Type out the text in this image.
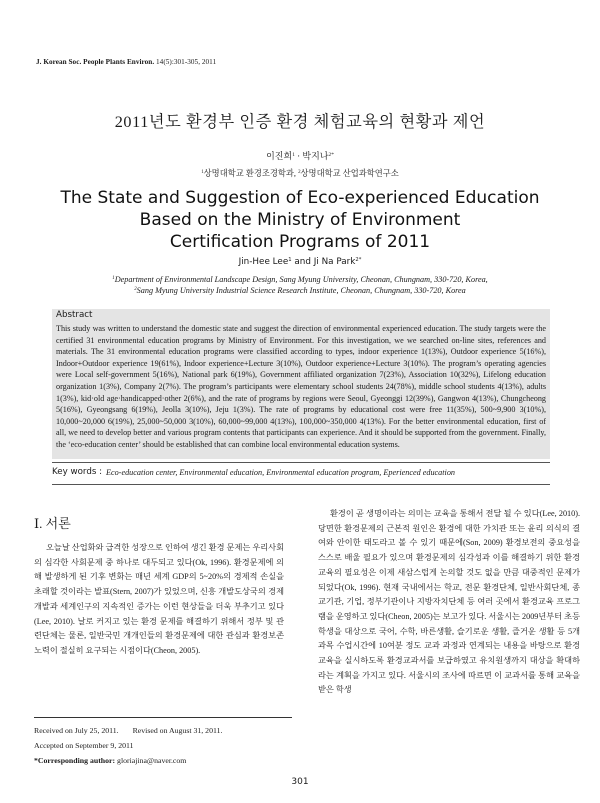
J. Korean Soc. People Plants Environ. 14(5):301-305, 2011
2011년도 환경부 인증 환경 체험교육의 현황과 제언
이진희$^1$ · 박지나$^{2*}$
$^1$상명대학교 환경조경학과, $^2$상명대학교 산업과학연구소
The State and Suggestion of Eco-experienced Education
Based on the Ministry of Environment
Certification Programs of 2011
Jin-Hee Lee$^1$ and Ji Na Park$^{2*}$
$^1$Department of Environmental Landscape Design, Sang Myung University, Cheonan, Chungnam, 330-720, Korea,
$^2$Sang Myung University Industrial Science Research Institute, Cheonan, Chungnam, 330-720, Korea
Abstract
This study was written to understand the domestic state and suggest the direction of environmental experienced education. The study targets were the certified 31 environmental education programs by Ministry of Environment. For this investigation, we we searched on-line sites, references and materials. The 31 environmental education programs were classified according to types, indoor experience 1(13%), Outdoor experience 5(16%), Indoor+Outdoor experience 19(61%), Indoor experience+Lecture 3(10%), Outdoor experience+Lecture 3(10%). The program’s operating agencies were Local self-government 5(16%), National park 6(19%), Government affiliated organization 7(23%), Association 10(32%), Lifelong education organization 1(3%), Company 2(7%). The program’s participants were elementary school students 24(78%), middle school students 4(13%), adults 1(3%), kid·old age·handicapped·other 2(6%), and the rate of programs by regions were Seoul, Gyeonggi 12(39%), Gangwon 4(13%), Chungcheong 5(16%), Gyeongsang 6(19%), Jeolla 3(10%), Jeju 1(3%). The rate of programs by educational cost were free 11(35%), 500~9,900 3(10%), 10,000~20,000 6(19%), 25,000~50,000 3(10%), 60,000~99,000 4(13%), 100,000~350,000 4(13%). For the better environmental education, first of all, we need to develop better and various program contents that participants can experience. And it should be supported from the government. Finally, the ‘eco-education center’ should be established that can combine local environmental education systems.
Key words : Eco-education center, Environmental education, Environmental education program, Eperienced education
Ⅰ. 서론

오늘날 산업화와 급격한 성장으로 인하여 생긴 환경 문제는 우리사회의 심각한 사회문제 중 하나로 대두되고 있다(Ok, 1996). 환경문제에 의해 발생하게 된 기후 변화는 매년 세계 GDP의 5~20%의 경제적 손실을 초래할 것이라는 발표(Stern, 2007)가 있었으며, 신흥 개발도상국의 경제개발과 세계인구의 지속적인 증가는 이런 현상들을 더욱 부추기고 있다(Lee, 2010). 날로 커지고 있는 환경 문제를 해결하기 위해서 정부 및 관련단체는 물론, 일반국민 개개인들의 환경문제에 대한 관심과 환경보존 노력이 절실히 요구되는 시점이다(Cheon, 2005).

환경이 곧 생명이라는 의미는 교육을 통해서 전달 될 수 있다(Lee, 2010). 당면한 환경문제의 근본적 원인은 환경에 대한 가치관 또는 윤리 의식의 결여와 안이한 태도라고 볼 수 있기 때문에(Son, 2009) 환경보전의 중요성을 스스로 배울 필요가 있으며 환경문제의 심각성과 이를 해결하기 위한 환경교육의 필요성은 이제 새삼스럽게 논의할 것도 없을 만큼 대중적인 문제가 되었다(Ok, 1996). 현재 국내에서는 학교, 전문 환경단체, 일반사회단체, 종교기관, 기업, 정부기관이나 지방자치단체 등 여러 곳에서 환경교육 프로그램을 운영하고 있다(Cheon, 2005)는 보고가 있다. 서울시는 2009년부터 초등학생을 대상으로 국어, 수학, 바른생활, 슬기로운 생활, 즐거운 생활 등 5개 과목 수업시간에 10여분 정도 교과 과정과 연계되는 내용을 바탕으로 환경교육을 실시하도록 환경교과서를 보급하였고 유치원생까지 대상을 확대하라는 계획을 가지고 있다. 서울시의 조사에 따르면 이 교과서를 통해 교육을 받은 학생

Received on July 25, 2011. Revised on August 31, 2011.
Accepted on September 9, 2011
*Corresponding author: gloriajina@naver.com
301
